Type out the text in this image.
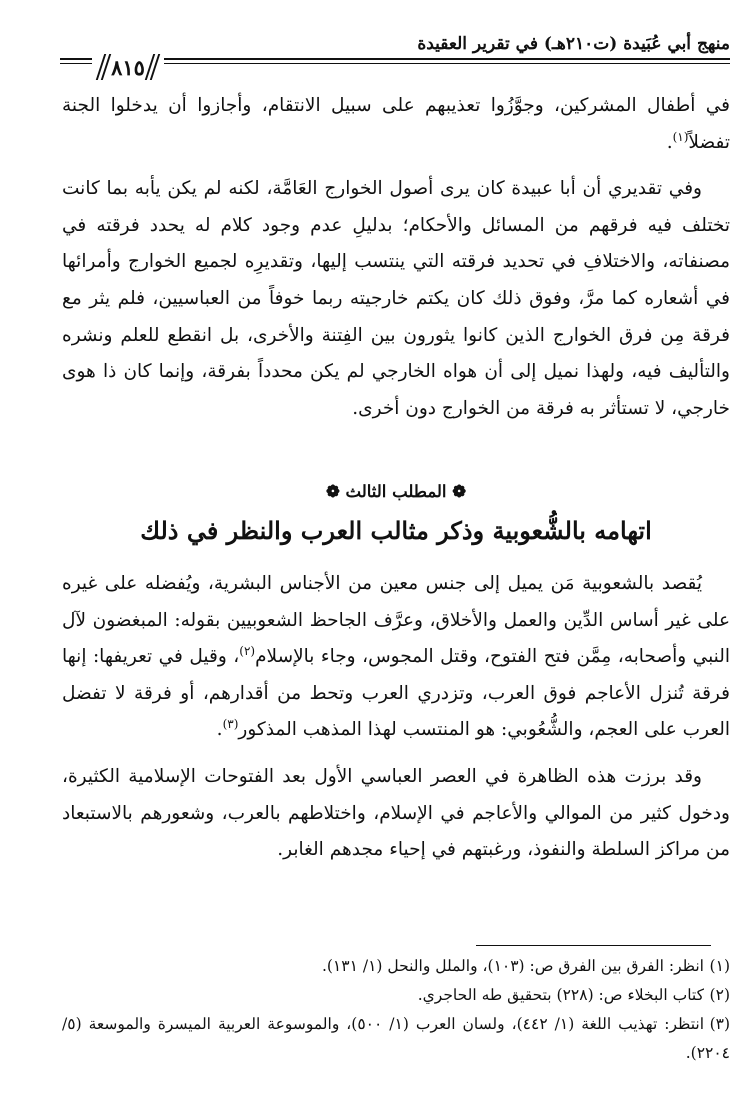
منهج أبي عُبَيدة (ت٢١٠هـ) في تقرير العقيدة
٨١٥

في أطفال المشركين، وجوَّزُوا تعذيبهم على سبيل الانتقام، وأجازوا أن يدخلوا الجنة تفضلاً$^{(١)}$.

وفي تقديري أن أبا عبيدة كان يرى أصول الخوارج العَامَّة، لكنه لم يكن يأبه بما كانت تختلف فيه فرقهم من المسائل والأحكام؛ بدليلِ عدم وجود كلام له يحدد فرقته في مصنفاته، والاختلافِ في تحديد فرقته التي ينتسب إليها، وتقديرِه لجميع الخوارج وأمرائها في أشعاره كما مرَّ، وفوق ذلك كان يكتم خارجيته ربما خوفاً من العباسيين، فلم يثر مع فرقة مِن فرق الخوارج الذين كانوا يثورون بين الفِتنة والأخرى، بل انقطع للعلم ونشره والتأليف فيه، ولهذا نميل إلى أن هواه الخارجي لم يكن محدداً بفرقة، وإنما كان ذا هوى خارجي، لا تستأثر به فرقة من الخوارج دون أخرى.

❁ المطلب الثالث ❁
اتهامه بالشُّعوبية وذكر مثالب العرب والنظر في ذلك

يُقصد بالشعوبية مَن يميل إلى جنس معين من الأجناس البشرية، ويُفضله على غيره على غير أساس الدِّين والعمل والأخلاق، وعرَّف الجاحظ الشعوبيين بقوله: المبغضون لآل النبي وأصحابه، مِمَّن فتح الفتوح، وقتل المجوس، وجاء بالإسلام$^{(٢)}$، وقيل في تعريفها: إنها فرقة تُنزل الأعاجم فوق العرب، وتزدري العرب وتحط من أقدارهم، أو فرقة لا تفضل العرب على العجم، والشُّعُوبي: هو المنتسب لهذا المذهب المذكور$^{(٣)}$.

وقد برزت هذه الظاهرة في العصر العباسي الأول بعد الفتوحات الإسلامية الكثيرة، ودخول كثير من الموالي والأعاجم في الإسلام، واختلاطهم بالعرب، وشعورهم بالاستبعاد من مراكز السلطة والنفوذ، ورغبتهم في إحياء مجدهم الغابر.

(١)انظر: الفرق بين الفرق ص: (١٠٣)، والملل والنحل (١/ ١٣١).

(٢)كتاب البخلاء ص: (٢٢٨) بتحقيق طه الحاجري.

(٣)انتظر: تهذيب اللغة (١/ ٤٤٢)، ولسان العرب (١/ ٥٠٠)، والموسوعة العربية الميسرة والموسعة (٥/ ٢٢٠٤).
